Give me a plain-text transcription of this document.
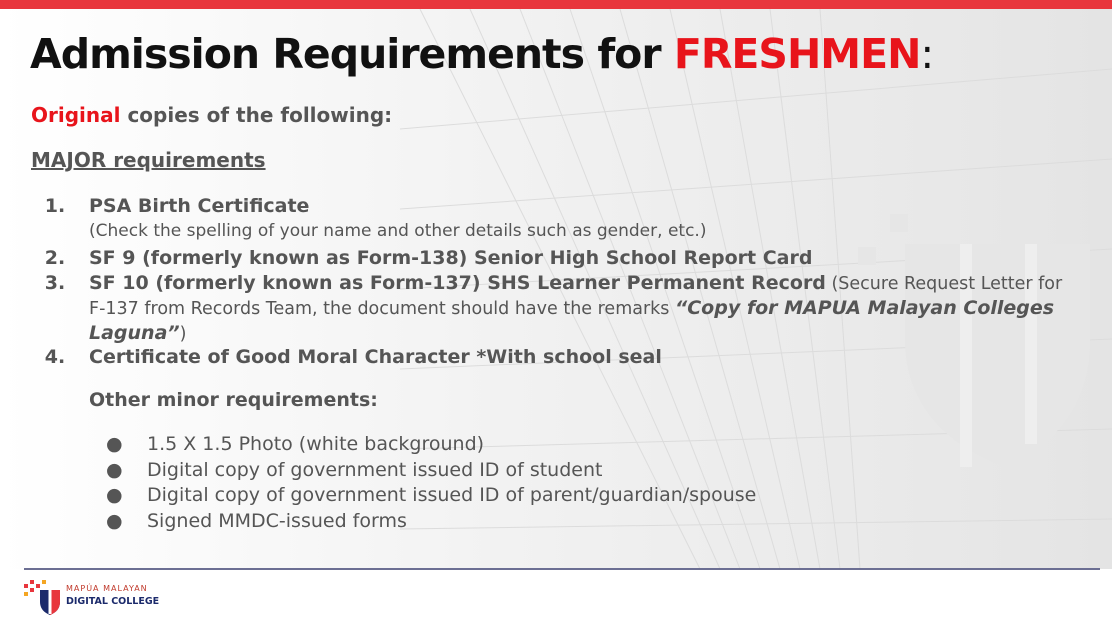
Admission Requirements for FRESHMEN:
Original copies of the following:
MAJOR requirements
1. PSA Birth Certificate
(Check the spelling of your name and other details such as gender, etc.)
2. SF 9 (formerly known as Form-138) Senior High School Report Card
3. SF 10 (formerly known as Form-137) SHS Learner Permanent Record (Secure Request Letter for F-137 from Records Team, the document should have the remarks “Copy for MAPUA Malayan Colleges Laguna”)
4. Certificate of Good Moral Character *With school seal
Other minor requirements:
● 1.5 X 1.5 Photo (white background)
● Digital copy of government issued ID of student
● Digital copy of government issued ID of parent/guardian/spouse
● Signed MMDC-issued forms
MAPÚA MALAYAN
DIGITAL COLLEGE
